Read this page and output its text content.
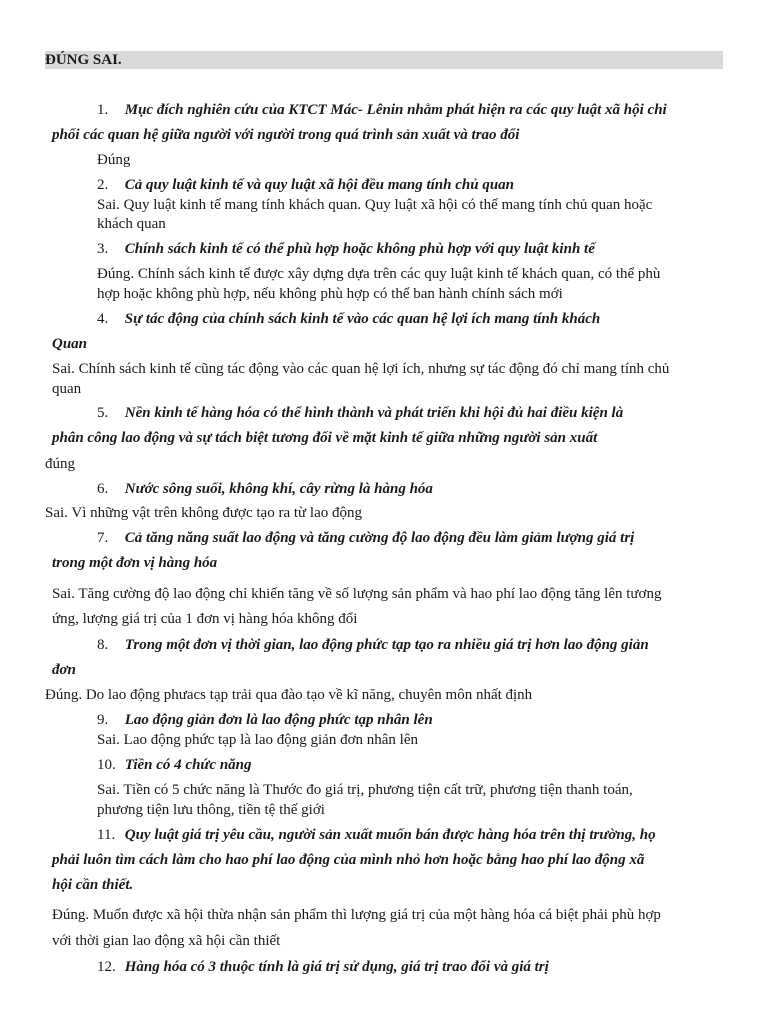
ĐÚNG SAI.
1. Mục đích nghiên cứu của KTCT Mác- Lênin nhằm phát hiện ra các quy luật xã hội chi
phối các quan hệ giữa người với người trong quá trình sản xuất và trao đổi
Đúng
2. Cả quy luật kinh tế và quy luật xã hội đều mang tính chủ quan
Sai. Quy luật kinh tế mang tính khách quan. Quy luật xã hội có thể mang tính chủ quan hoặc
khách quan
3. Chính sách kinh tế có thể phù hợp hoặc không phù hợp với quy luật kinh tế
Đúng. Chính sách kinh tế được xây dựng dựa trên các quy luật kinh tế khách quan, có thể phù
hợp hoặc không phù hợp, nếu không phù hợp có thể ban hành chính sách mới
4. Sự tác động của chính sách kinh tế vào các quan hệ lợi ích mang tính khách
Quan
Sai. Chính sách kinh tế cũng tác động vào các quan hệ lợi ích, nhưng sự tác động đó chỉ mang tính chủ
quan
5. Nền kinh tế hàng hóa có thể hình thành và phát triển khi hội đủ hai điều kiện là
phân công lao động và sự tách biệt tương đối về mặt kinh tế giữa những người sản xuất
đúng
6. Nước sông suối, không khí, cây rừng là hàng hóa
Sai. Vì những vật trên không được tạo ra từ lao động
7. Cả tăng năng suất lao động và tăng cường độ lao động đều làm giảm lượng giá trị
trong một đơn vị hàng hóa
Sai. Tăng cường độ lao động chỉ khiến tăng về số lượng sản phẩm và hao phí lao động tăng lên tương
ứng, lượng giá trị của 1 đơn vị hàng hóa không đổi
8. Trong một đơn vị thời gian, lao động phức tạp tạo ra nhiều giá trị hơn lao động giản
đơn
Đúng. Do lao động phưacs tạp trải qua đào tạo về kĩ năng, chuyên môn nhất định
9. Lao động giản đơn là lao động phức tạp nhân lên
Sai. Lao động phức tạp là lao động giản đơn nhân lên
10. Tiền có 4 chức năng
Sai. Tiền có 5 chức năng là Thước đo giá trị, phương tiện cất trữ, phương tiện thanh toán,
phương tiện lưu thông, tiền tệ thế giới
11. Quy luật giá trị yêu cầu, người sản xuất muốn bán được hàng hóa trên thị trường, họ
phải luôn tìm cách làm cho hao phí lao động của mình nhỏ hơn hoặc bằng hao phí lao động xã
hội cần thiết.
Đúng. Muốn được xã hội thừa nhận sản phẩm thì lượng giá trị của một hàng hóa cá biệt phải phù hợp
với thời gian lao động xã hội cần thiết
12. Hàng hóa có 3 thuộc tính là giá trị sử dụng, giá trị trao đổi và giá trị
